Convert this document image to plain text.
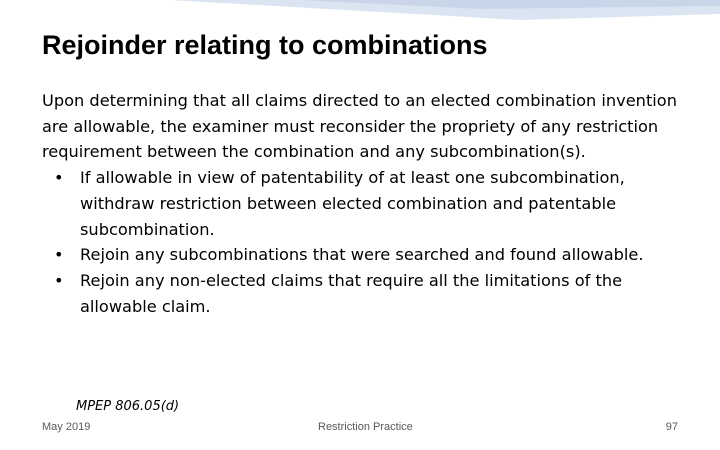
Rejoinder relating to combinations

Upon determining that all claims directed to an elected combination invention are allowable, the examiner must reconsider the propriety of any restriction requirement between the combination and any subcombination(s).

• If allowable in view of patentability of at least one subcombination, withdraw restriction between elected combination and patentable subcombination.
• Rejoin any subcombinations that were searched and found allowable.
• Rejoin any non-elected claims that require all the limitations of the allowable claim.
MPEP 806.05(d)
May 2019	Restriction Practice	97
